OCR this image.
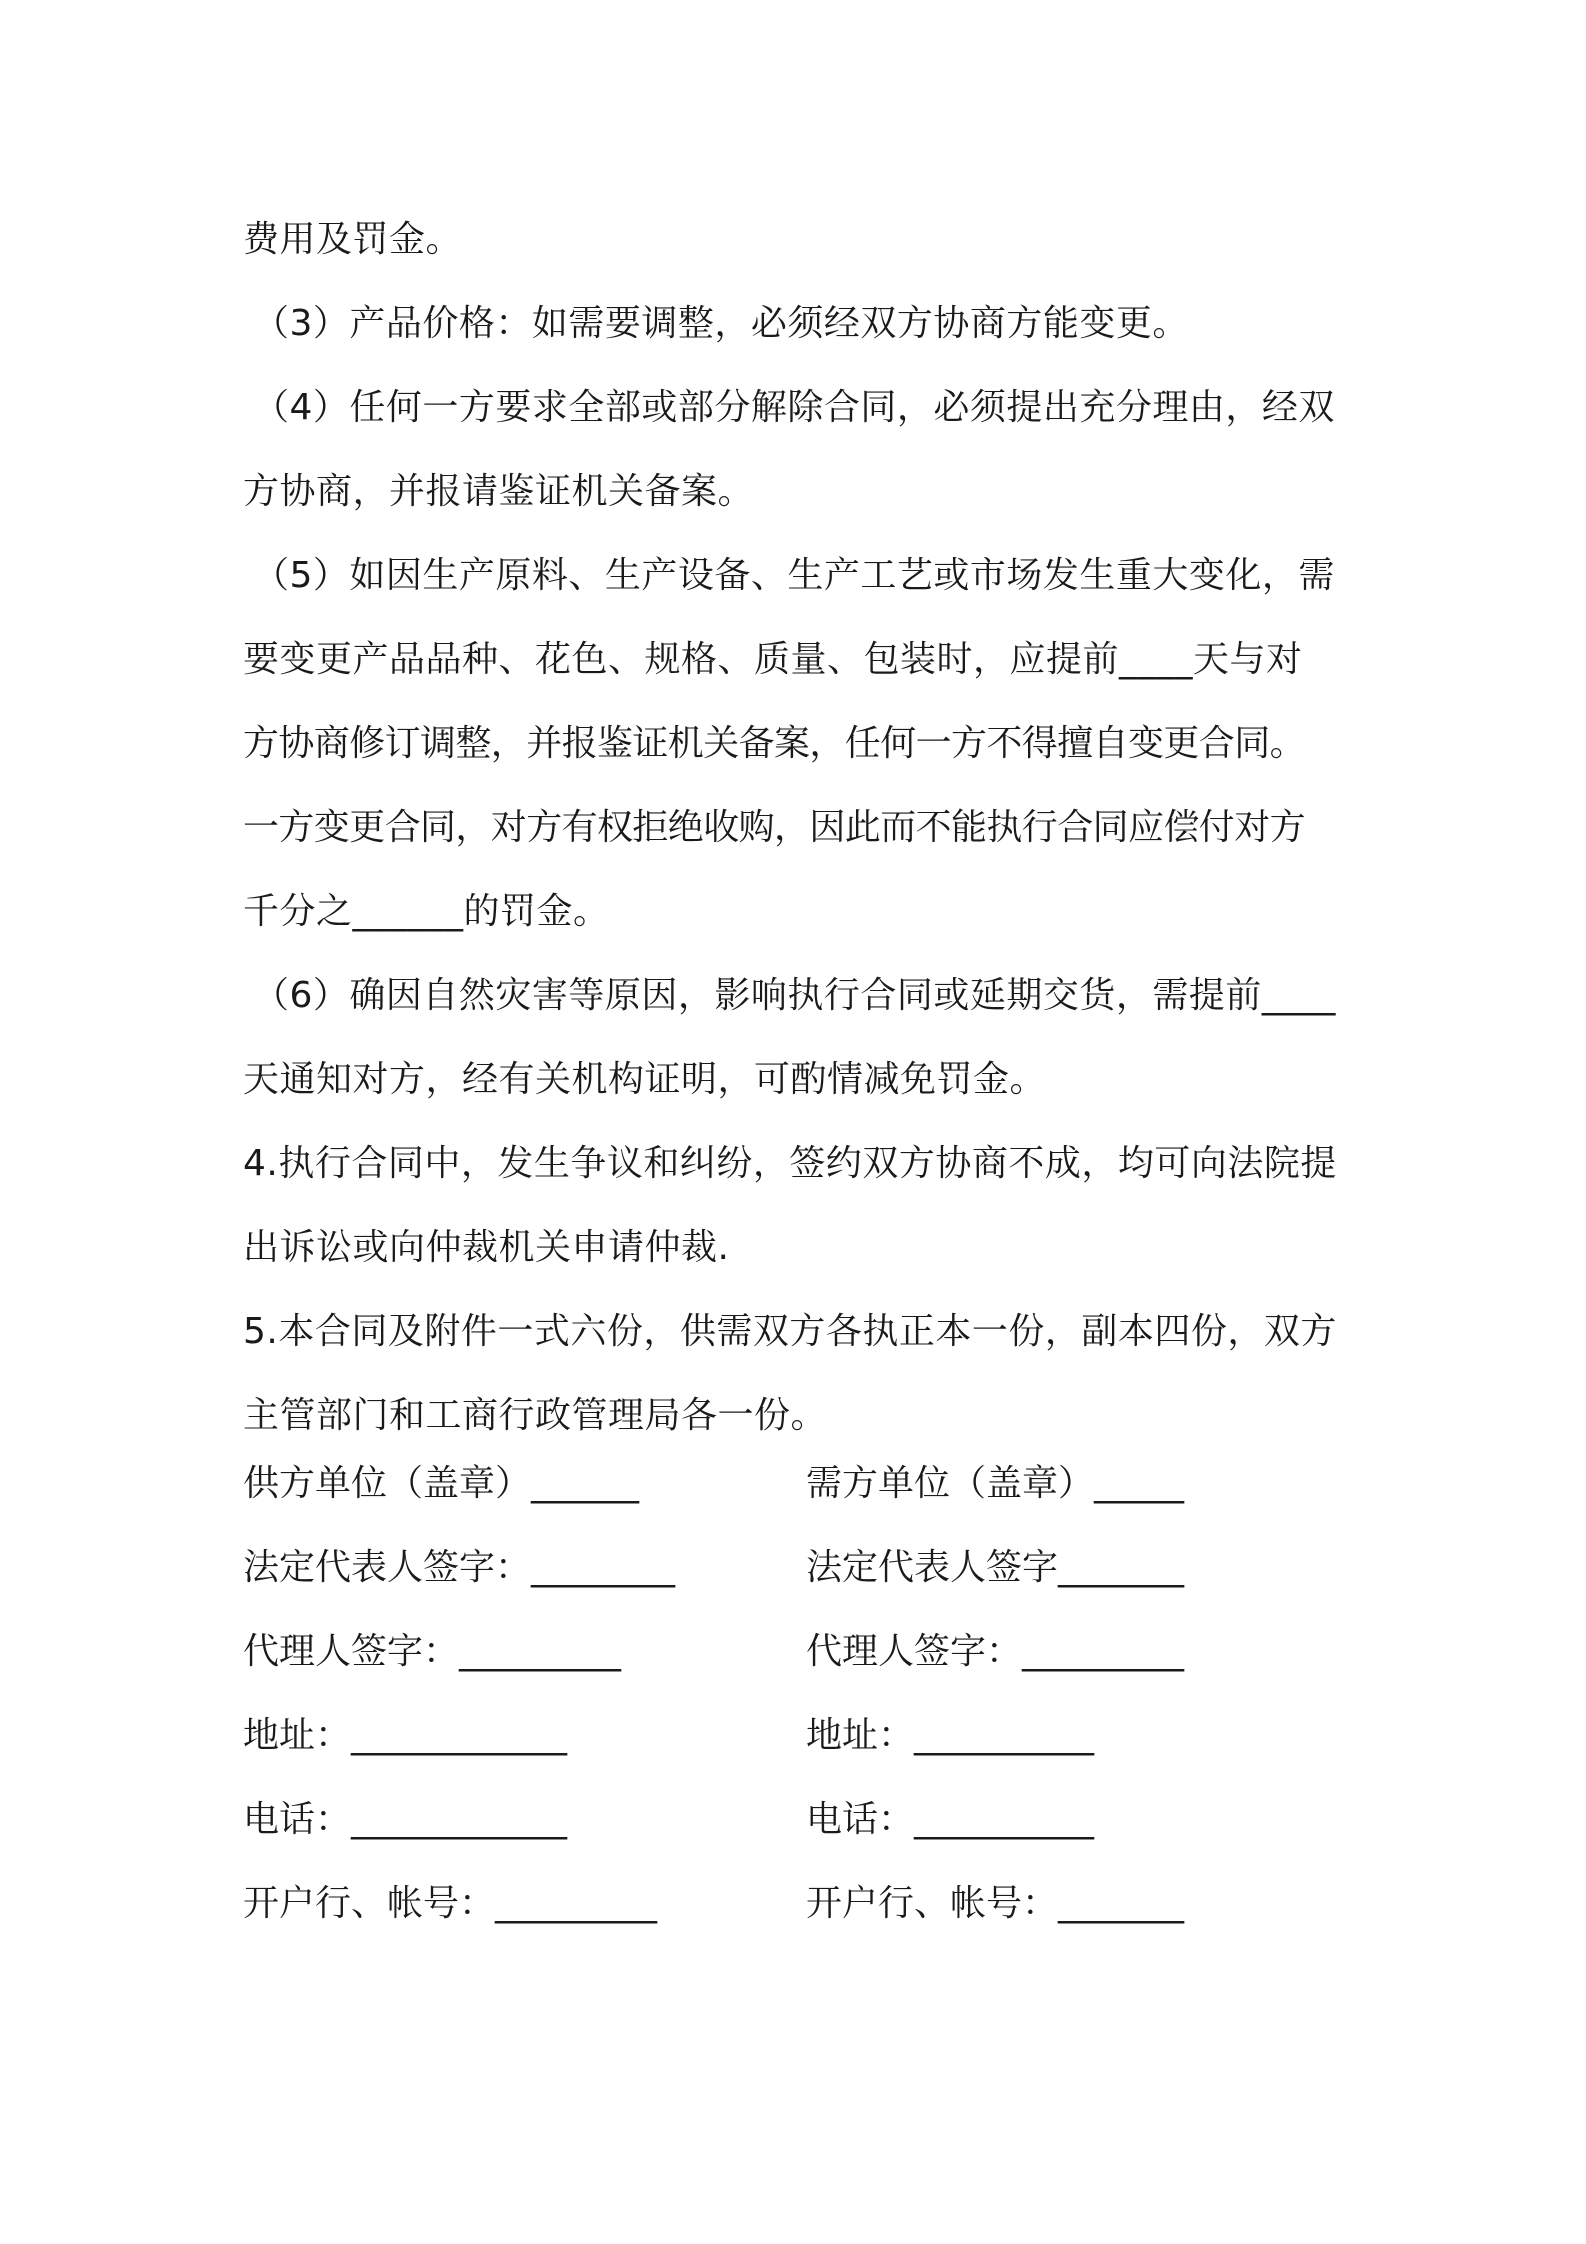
费用及罚金。
（3）产品价格：如需要调整，必须经双方协商方能变更。
（4）任何一方要求全部或部分解除合同，必须提出充分理由，经双
方协商，并报请鉴证机关备案。
（5）如因生产原料、生产设备、生产工艺或市场发生重大变化，需
要变更产品品种、花色、规格、质量、包装时，应提前____天与对
方协商修订调整，并报鉴证机关备案，任何一方不得擅自变更合同。
一方变更合同，对方有权拒绝收购，因此而不能执行合同应偿付对方
千分之______的罚金。
（6）确因自然灾害等原因，影响执行合同或延期交货，需提前____
天通知对方，经有关机构证明，可酌情减免罚金。
4.执行合同中，发生争议和纠纷，签约双方协商不成，均可向法院提
出诉讼或向仲裁机关申请仲裁.
5.本合同及附件一式六份，供需双方各执正本一份，副本四份，双方
主管部门和工商行政管理局各一份。
供方单位（盖章）______	需方单位（盖章）_____
法定代表人签字：________	法定代表人签字_______
代理人签字：_________	代理人签字：_________
地址：____________	地址：__________
电话：____________	电话：__________
开户行、帐号：_________	开户行、帐号：_______
